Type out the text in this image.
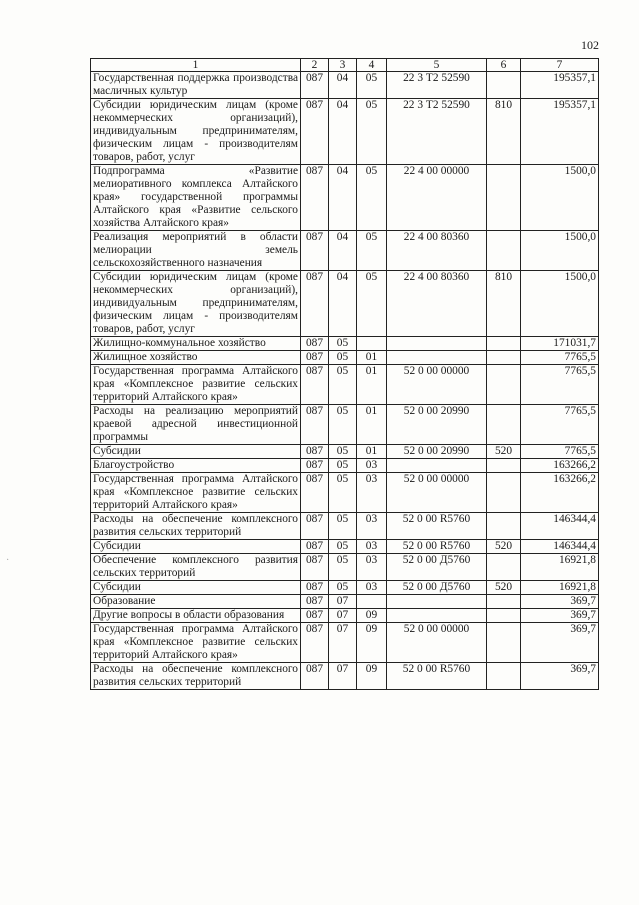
102
1	2	3	4	5	6	7
Государственная поддержка производства масличных культур	087	04	05	22 3 Т2 52590		195357,1
Субсидии юридическим лицам (кроме некоммерческих организаций), индивидуальным предпринимателям, физическим лицам - производителям товаров, работ, услуг	087	04	05	22 3 Т2 52590	810	195357,1
Подпрограмма «Развитие мелиоративного комплекса Алтайского края» государственной программы Алтайского края «Развитие сельского хозяйства Алтайского края»	087	04	05	22 4 00 00000		1500,0
Реализация мероприятий в области мелиорации земель сельскохозяйственного назначения	087	04	05	22 4 00 80360		1500,0
Субсидии юридическим лицам (кроме некоммерческих организаций), индивидуальным предпринимателям, физическим лицам - производителям товаров, работ, услуг	087	04	05	22 4 00 80360	810	1500,0
Жилищно-коммунальное хозяйство	087	05				171031,7
Жилищное хозяйство	087	05	01			7765,5
Государственная программа Алтайского края «Комплексное развитие сельских территорий Алтайского края»	087	05	01	52 0 00 00000		7765,5
Расходы на реализацию мероприятий краевой адресной инвестиционной программы	087	05	01	52 0 00 20990		7765,5
Субсидии	087	05	01	52 0 00 20990	520	7765,5
Благоустройство	087	05	03			163266,2
Государственная программа Алтайского края «Комплексное развитие сельских территорий Алтайского края»	087	05	03	52 0 00 00000		163266,2
Расходы на обеспечение комплексного развития сельских территорий	087	05	03	52 0 00 R5760		146344,4
Субсидии	087	05	03	52 0 00 R5760	520	146344,4
Обеспечение комплексного развития сельских территорий	087	05	03	52 0 00 Д5760		16921,8
Субсидии	087	05	03	52 0 00 Д5760	520	16921,8
Образование	087	07				369,7
Другие вопросы в области образования	087	07	09			369,7
Государственная программа Алтайского края «Комплексное развитие сельских территорий Алтайского края»	087	07	09	52 0 00 00000		369,7
Расходы на обеспечение комплексного развития сельских территорий	087	07	09	52 0 00 R5760		369,7
·
